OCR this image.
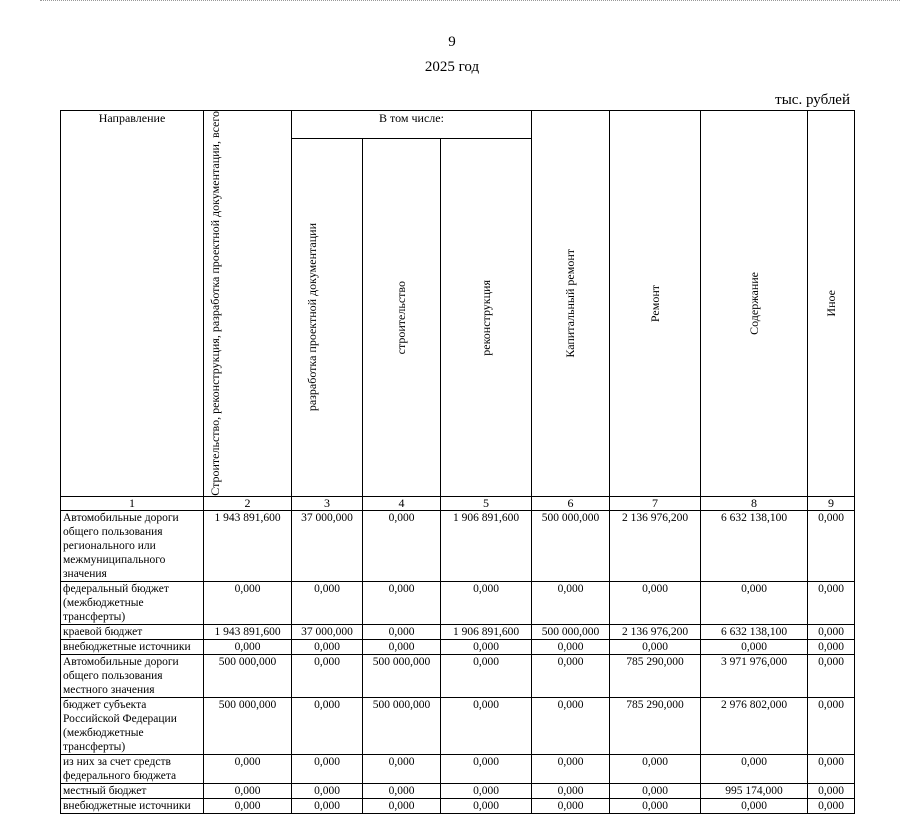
9
2025 год
тыс. рублей
Направление	Строительство, реконструкция, разработка проектной документации, всего	В том числе:			Капитальный ремонт	Ремонт	Содержание	Иное

		разработка проектной документации	строительство	реконструкция				

1	2	3	4	5	6	7	8	9
Автомобильные дороги общего пользования регионального или межмуниципального значения	1 943 891,600	37 000,000	0,000	1 906 891,600	500 000,000	2 136 976,200	6 632 138,100	0,000
федеральный бюджет (межбюджетные трансферты)	0,000	0,000	0,000	0,000	0,000	0,000	0,000	0,000
краевой бюджет	1 943 891,600	37 000,000	0,000	1 906 891,600	500 000,000	2 136 976,200	6 632 138,100	0,000
внебюджетные источники	0,000	0,000	0,000	0,000	0,000	0,000	0,000	0,000
Автомобильные дороги общего пользования местного значения	500 000,000	0,000	500 000,000	0,000	0,000	785 290,000	3 971 976,000	0,000
бюджет субъекта Российской Федерации (межбюджетные трансферты)	500 000,000	0,000	500 000,000	0,000	0,000	785 290,000	2 976 802,000	0,000
из них за счет средств федерального бюджета	0,000	0,000	0,000	0,000	0,000	0,000	0,000	0,000
местный бюджет	0,000	0,000	0,000	0,000	0,000	0,000	995 174,000	0,000
внебюджетные источники	0,000	0,000	0,000	0,000	0,000	0,000	0,000	0,000
